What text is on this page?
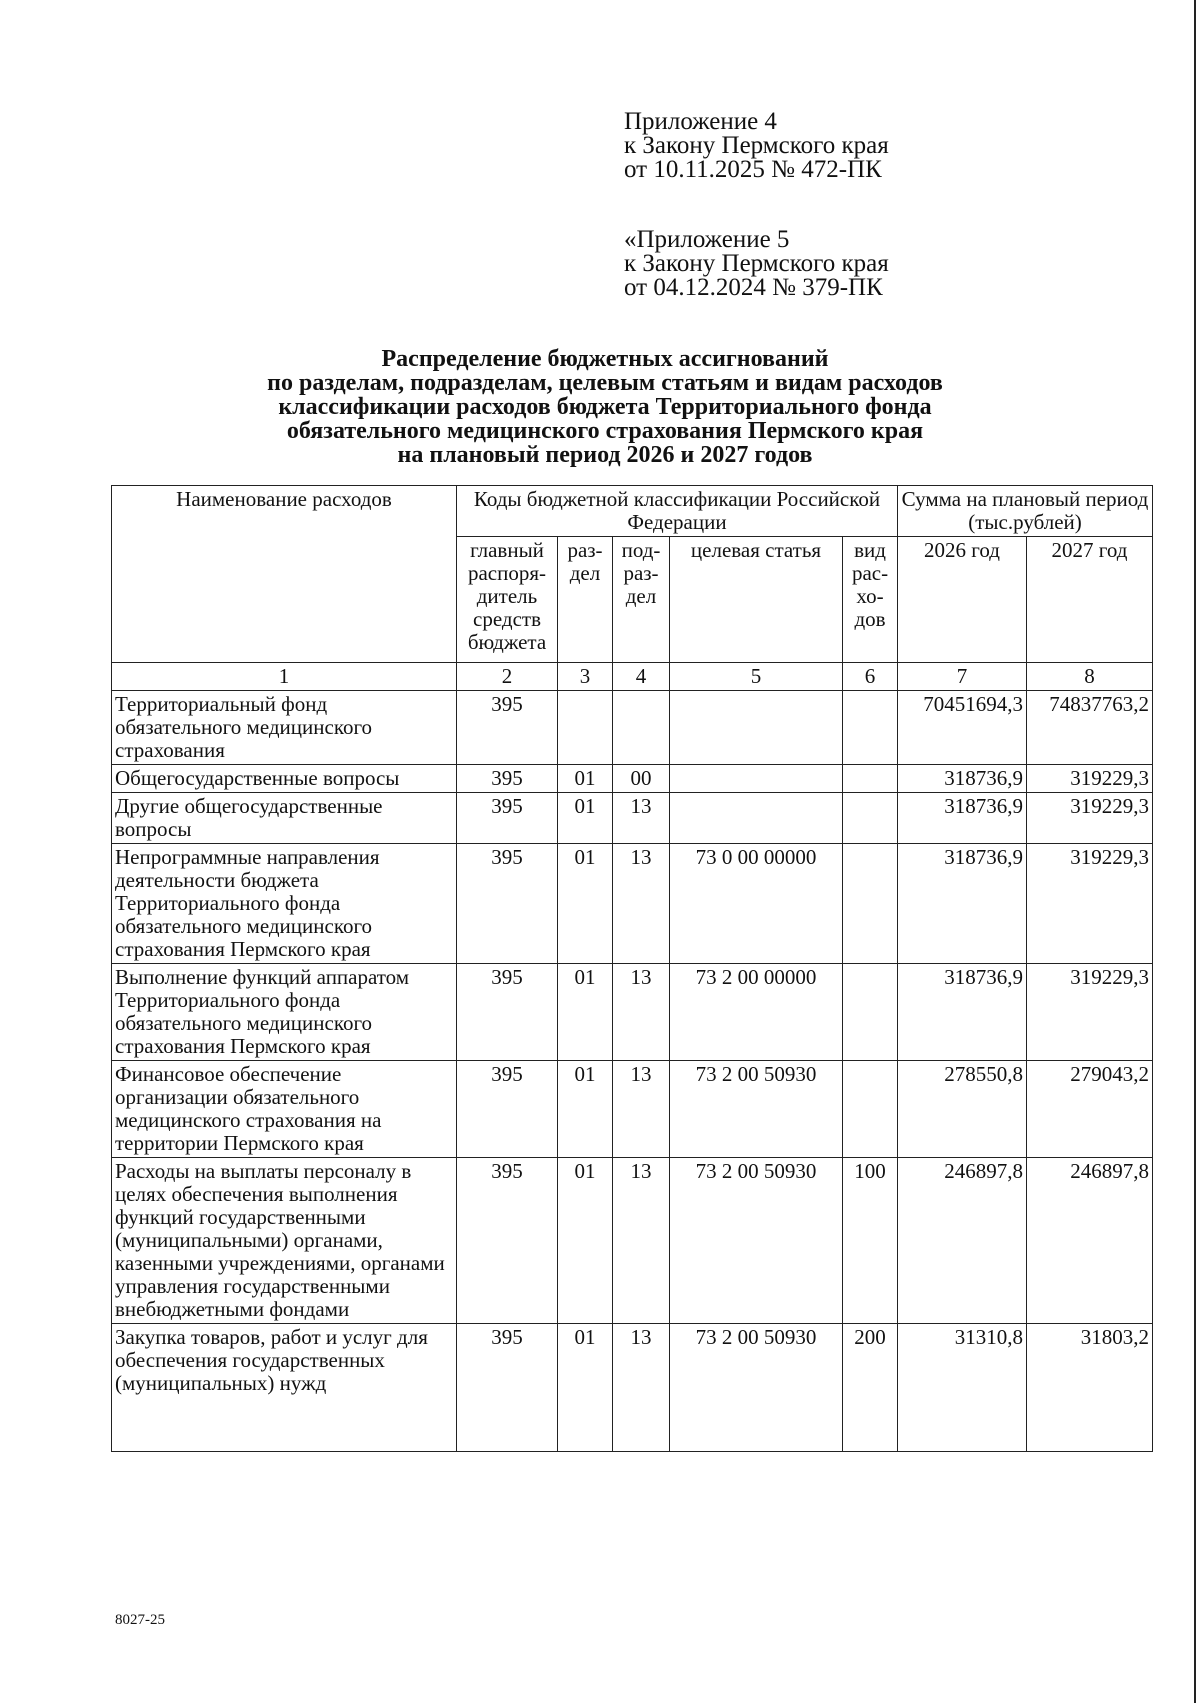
Приложение 4
к Закону Пермского края
от 10.11.2025 № 472-ПК
«Приложение 5
к Закону Пермского края
от 04.12.2024 № 379-ПК
Распределение бюджетных ассигнований
по разделам, подразделам, целевым статьям и видам расходов
классификации расходов бюджета Территориального фонда
обязательного медицинского страхования Пермского края
на плановый период 2026 и 2027 годов
Наименование расходов	Коды бюджетной классификации Российской Федерации					Сумма на плановый период (тыс.рублей)	
	главный распоря-дитель средств бюджета	раз-дел	под-раз-дел	целевая статья	вид рас-хо-дов	2026 год	2027 год
1	2	3	4	5	6	7	8
Территориальный фонд обязательного медицинского страхования	395					70451694,3	74837763,2
Общегосударственные вопросы	395	01	00			318736,9	319229,3
Другие общегосударственные вопросы	395	01	13			318736,9	319229,3
Непрограммные направления деятельности бюджета Территориального фонда обязательного медицинского страхования Пермского края	395	01	13	73 0 00 00000		318736,9	319229,3
Выполнение функций аппаратом Территориального фонда обязательного медицинского страхования Пермского края	395	01	13	73 2 00 00000		318736,9	319229,3
Финансовое обеспечение организации обязательного медицинского страхования на территории Пермского края	395	01	13	73 2 00 50930		278550,8	279043,2
Расходы на выплаты персоналу в целях обеспечения выполнения функций государственными (муниципальными) органами, казенными учреждениями, органами управления государственными внебюджетными фондами	395	01	13	73 2 00 50930	100	246897,8	246897,8
Закупка товаров, работ и услуг для обеспечения государственных (муниципальных) нужд	395	01	13	73 2 00 50930	200	31310,8	31803,2
8027-25
